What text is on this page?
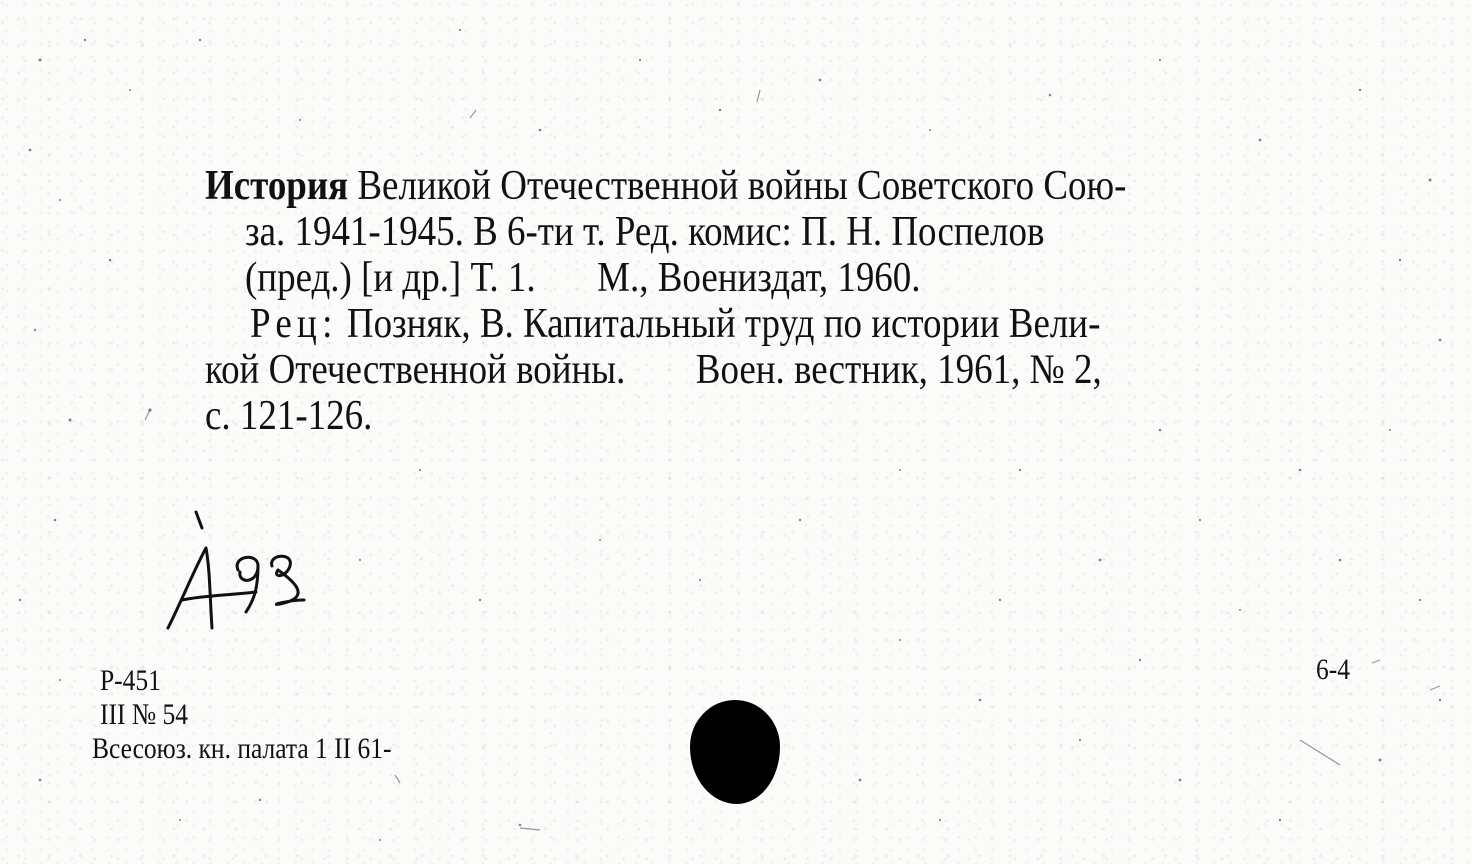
История Великой Отечественной войны Советского Сою-
за. 1941-1945. В 6-ти т. Ред. комис: П. Н. Поспелов
(пред.) [и др.] Т. 1. М., Воениздат, 1960.
Рец: Позняк, В. Капитальный труд по истории Вели-
кой Отечественной войны. Воен. вестник, 1961, № 2,
с. 121-126.
Р-451
III № 54
Всесоюз. кн. палата 1 II 61-
6-4
